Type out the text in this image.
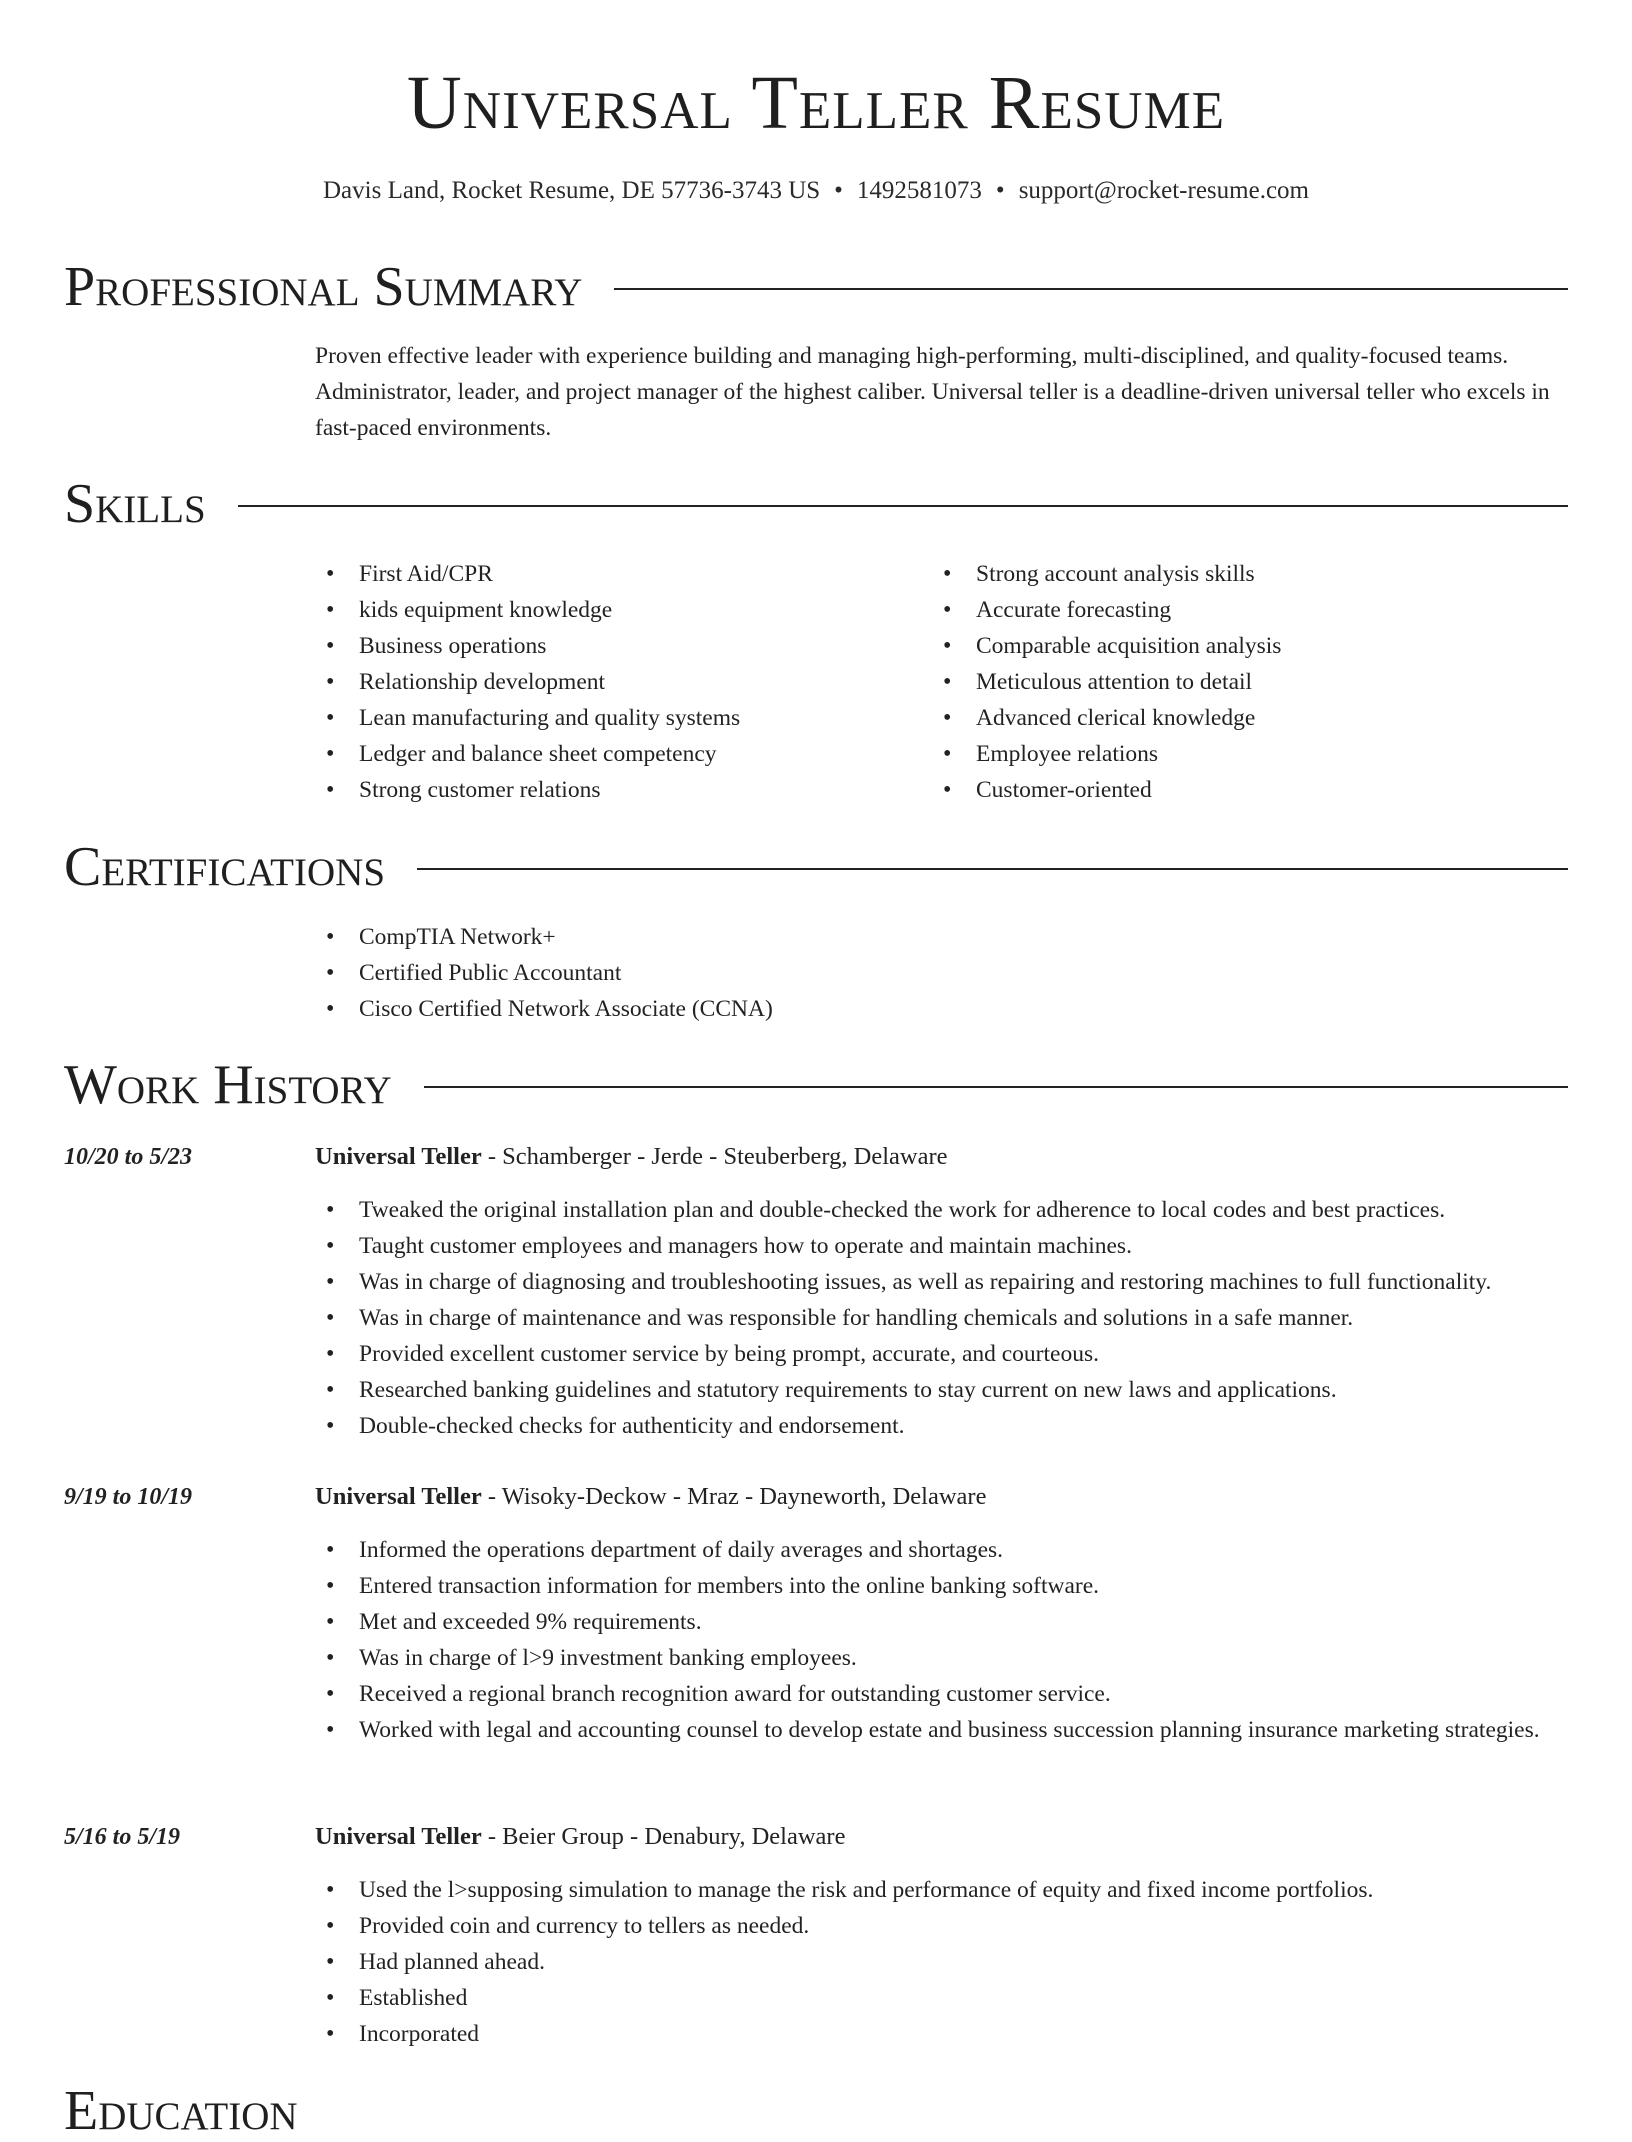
Universal Teller Resume
Davis Land, Rocket Resume, DE 57736-3743 US • 1492581073 • support@rocket-resume.com
Professional Summary

Proven effective leader with experience building and managing high-performing, multi-disciplined, and quality-focused teams. Administrator, leader, and project manager of the highest caliber. Universal teller is a deadline-driven universal teller who excels in fast-paced environments.

Skills
• First Aid/CPR
• kids equipment knowledge
• Business operations
• Relationship development
• Lean manufacturing and quality systems
• Ledger and balance sheet competency
• Strong customer relations
• Strong account analysis skills
• Accurate forecasting
• Comparable acquisition analysis
• Meticulous attention to detail
• Advanced clerical knowledge
• Employee relations
• Customer-oriented
Certifications
• CompTIA Network+
• Certified Public Accountant
• Cisco Certified Network Associate (CCNA)
Work History
10/20 to 5/23	Universal Teller - Schamberger - Jerde - Steuberberg, Delaware
• Tweaked the original installation plan and double-checked the work for adherence to local codes and best practices.
• Taught customer employees and managers how to operate and maintain machines.
• Was in charge of diagnosing and troubleshooting issues, as well as repairing and restoring machines to full functionality.
• Was in charge of maintenance and was responsible for handling chemicals and solutions in a safe manner.
• Provided excellent customer service by being prompt, accurate, and courteous.
• Researched banking guidelines and statutory requirements to stay current on new laws and applications.
• Double-checked checks for authenticity and endorsement.
9/19 to 10/19	Universal Teller - Wisoky-Deckow - Mraz - Dayneworth, Delaware
• Informed the operations department of daily averages and shortages.
• Entered transaction information for members into the online banking software.
• Met and exceeded 9% requirements.
• Was in charge of l>9 investment banking employees.
• Received a regional branch recognition award for outstanding customer service.
• Worked with legal and accounting counsel to develop estate and business succession planning insurance marketing strategies.
5/16 to 5/19	Universal Teller - Beier Group - Denabury, Delaware
• Used the l>supposing simulation to manage the risk and performance of equity and fixed income portfolios.
• Provided coin and currency to tellers as needed.
• Had planned ahead.
• Established
• Incorporated
Education
